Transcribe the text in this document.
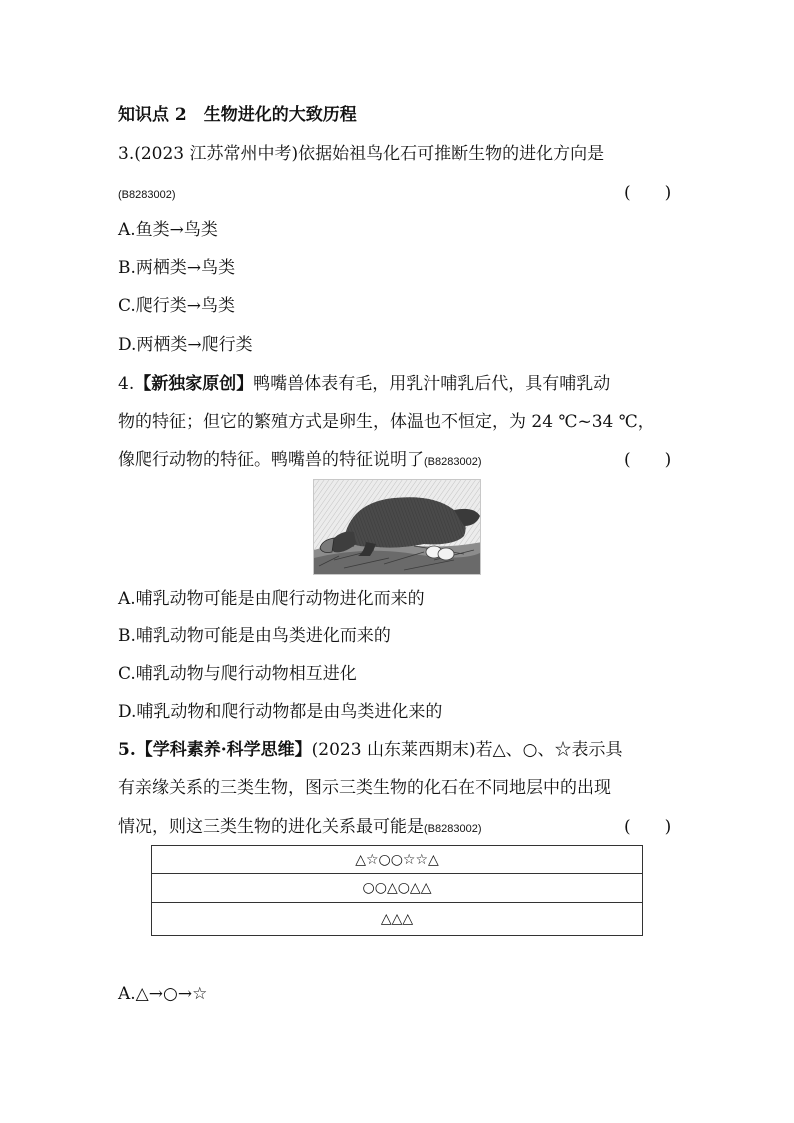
知识点 2　生物进化的大致历程
3.(2023 江苏常州中考)依据始祖鸟化石可推断生物的进化方向是
(B8283002)	(　　)
A.鱼类→鸟类
B.两栖类→鸟类
C.爬行类→鸟类
D.两栖类→爬行类
4.【新独家原创】鸭嘴兽体表有毛，用乳汁哺乳后代，具有哺乳动
物的特征；但它的繁殖方式是卵生，体温也不恒定，为 24 ℃~34 ℃，
像爬行动物的特征。鸭嘴兽的特征说明了(B8283002)	(　　)
A.哺乳动物可能是由爬行动物进化而来的
B.哺乳动物可能是由鸟类进化而来的
C.哺乳动物与爬行动物相互进化
D.哺乳动物和爬行动物都是由鸟类进化来的
5.【学科素养·科学思维】(2023 山东莱西期末)若△、○、☆表示具
有亲缘关系的三类生物，图示三类生物的化石在不同地层中的出现
情况，则这三类生物的进化关系最可能是(B8283002)	(　　)
△☆○○☆☆△
○○△○△△
△△△
A.△→○→☆
